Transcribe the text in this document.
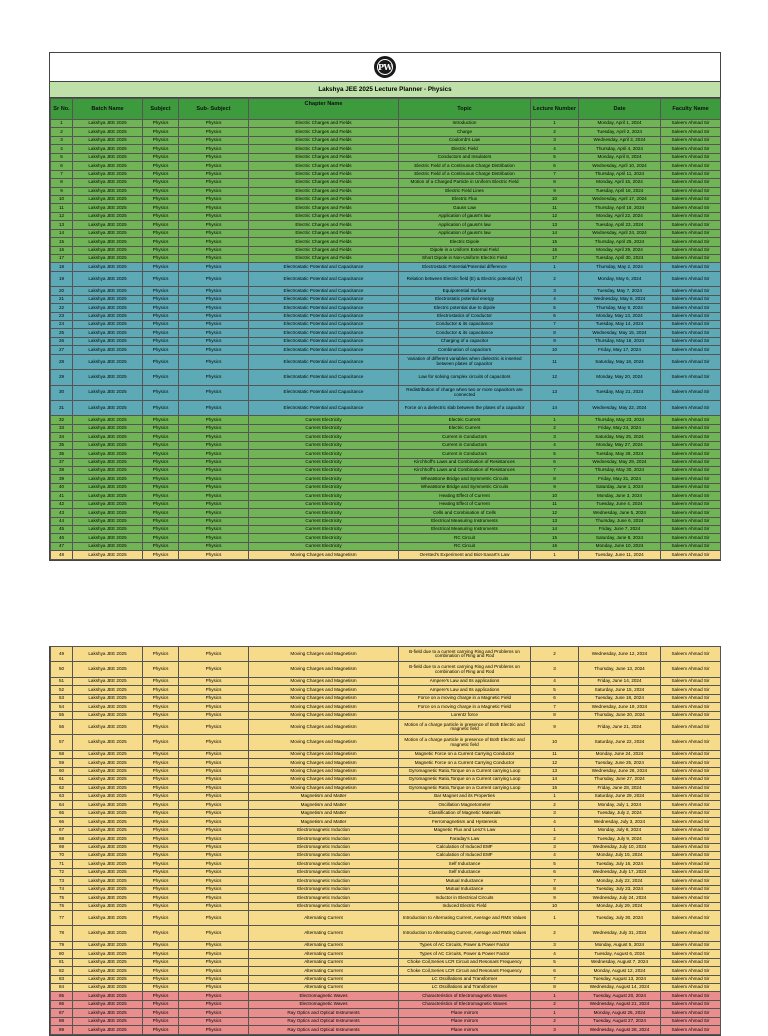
PW
Lakshya JEE 2025 Lecture Planner - Physics
Sr No.	Batch Name	Subject	Sub- Subject	Chapter Name	Topic	Lecture Number	Date	Faculty Name
1	Lakshya JEE 2025	Physics	Physics	Electric Charges and Fields	Introduction	1	Monday, April 1, 2024	Saleem Ahmad Sir
2	Lakshya JEE 2025	Physics	Physics	Electric Charges and Fields	Charge	2	Tuesday, April 2, 2024	Saleem Ahmad Sir
3	Lakshya JEE 2025	Physics	Physics	Electric Charges and Fields	Coulomb's Law	3	Wednesday, April 3, 2024	Saleem Ahmad Sir
4	Lakshya JEE 2025	Physics	Physics	Electric Charges and Fields	Electric Field	4	Thursday, April 4, 2024	Saleem Ahmad Sir
5	Lakshya JEE 2025	Physics	Physics	Electric Charges and Fields	Conductors and Insulators	5	Monday, April 8, 2024	Saleem Ahmad Sir
6	Lakshya JEE 2025	Physics	Physics	Electric Charges and Fields	Electric Field of a Continuous Charge Distribution	6	Wednesday, April 10, 2024	Saleem Ahmad Sir
7	Lakshya JEE 2025	Physics	Physics	Electric Charges and Fields	Electric Field of a Continuous Charge Distribution	7	Thursday, April 11, 2024	Saleem Ahmad Sir
8	Lakshya JEE 2025	Physics	Physics	Electric Charges and Fields	Motion of a Charged Particle in Uniform Electric Field	8	Monday, April 15, 2024	Saleem Ahmad Sir
9	Lakshya JEE 2025	Physics	Physics	Electric Charges and Fields	Electric Field Lines	9	Tuesday, April 16, 2024	Saleem Ahmad Sir
10	Lakshya JEE 2025	Physics	Physics	Electric Charges and Fields	Electric Flux	10	Wednesday, April 17, 2024	Saleem Ahmad Sir
11	Lakshya JEE 2025	Physics	Physics	Electric Charges and Fields	Gauss Law	11	Thursday, April 18, 2024	Saleem Ahmad Sir
12	Lakshya JEE 2025	Physics	Physics	Electric Charges and Fields	Application of gauss's law	12	Monday, April 22, 2024	Saleem Ahmad Sir
13	Lakshya JEE 2025	Physics	Physics	Electric Charges and Fields	Application of gauss's law	13	Tuesday, April 23, 2024	Saleem Ahmad Sir
14	Lakshya JEE 2025	Physics	Physics	Electric Charges and Fields	Application of gauss's law	14	Wednesday, April 24, 2024	Saleem Ahmad Sir
15	Lakshya JEE 2025	Physics	Physics	Electric Charges and Fields	Electric Dipole	15	Thursday, April 25, 2024	Saleem Ahmad Sir
16	Lakshya JEE 2025	Physics	Physics	Electric Charges and Fields	Dipole in a Uniform External Field	16	Monday, April 29, 2024	Saleem Ahmad Sir
17	Lakshya JEE 2025	Physics	Physics	Electric Charges and Fields	Short Dipole in Non-Uniform Electric Field	17	Tuesday, April 30, 2024	Saleem Ahmad Sir
18	Lakshya JEE 2025	Physics	Physics	Electrostatic Potential and Capacitance	Electrostatic Potential/Potential difference	1	Thursday, May 2, 2024	Saleem Ahmad Sir
19	Lakshya JEE 2025	Physics	Physics	Electrostatic Potential and Capacitance	Relation between Electric field (E) & Electric potential (V)	2	Monday, May 6, 2024	Saleem Ahmad Sir
20	Lakshya JEE 2025	Physics	Physics	Electrostatic Potential and Capacitance	Equipotential Surface	3	Tuesday, May 7, 2024	Saleem Ahmad Sir
21	Lakshya JEE 2025	Physics	Physics	Electrostatic Potential and Capacitance	Electrostatic potential energy	4	Wednesday, May 8, 2024	Saleem Ahmad Sir
22	Lakshya JEE 2025	Physics	Physics	Electrostatic Potential and Capacitance	Electric potential due to dipole	5	Thursday, May 9, 2024	Saleem Ahmad Sir
23	Lakshya JEE 2025	Physics	Physics	Electrostatic Potential and Capacitance	Electrostatics of Conductor	6	Monday, May 13, 2024	Saleem Ahmad Sir
24	Lakshya JEE 2025	Physics	Physics	Electrostatic Potential and Capacitance	Conductor & its capacitance	7	Tuesday, May 14, 2024	Saleem Ahmad Sir
25	Lakshya JEE 2025	Physics	Physics	Electrostatic Potential and Capacitance	Conductor & its capacitance	8	Wednesday, May 15, 2024	Saleem Ahmad Sir
26	Lakshya JEE 2025	Physics	Physics	Electrostatic Potential and Capacitance	Charging of a capacitor	9	Thursday, May 16, 2024	Saleem Ahmad Sir
27	Lakshya JEE 2025	Physics	Physics	Electrostatic Potential and Capacitance	Combination of capacitors	10	Friday, May 17, 2024	Saleem Ahmad Sir
28	Lakshya JEE 2025	Physics	Physics	Electrostatic Potential and Capacitance	Variation of different variables when dielectric is inserted between plates of capacitor	11	Saturday, May 18, 2024	Saleem Ahmad Sir
29	Lakshya JEE 2025	Physics	Physics	Electrostatic Potential and Capacitance	Law for solving complex circuits of capacitors	12	Monday, May 20, 2024	Saleem Ahmad Sir
30	Lakshya JEE 2025	Physics	Physics	Electrostatic Potential and Capacitance	Redistribution of charge when two or more capacitors are connected	13	Tuesday, May 21, 2024	Saleem Ahmad Sir
31	Lakshya JEE 2025	Physics	Physics	Electrostatic Potential and Capacitance	Force on a dielectric slab between the plates of a capacitor	14	Wednesday, May 22, 2024	Saleem Ahmad Sir
32	Lakshya JEE 2025	Physics	Physics	Current Electricity	Electric Current	1	Thursday, May 23, 2024	Saleem Ahmad Sir
33	Lakshya JEE 2025	Physics	Physics	Current Electricity	Electric Current	2	Friday, May 24, 2024	Saleem Ahmad Sir
34	Lakshya JEE 2025	Physics	Physics	Current Electricity	Current in Conductors	3	Saturday, May 25, 2024	Saleem Ahmad Sir
35	Lakshya JEE 2025	Physics	Physics	Current Electricity	Current in Conductors	4	Monday, May 27, 2024	Saleem Ahmad Sir
36	Lakshya JEE 2025	Physics	Physics	Current Electricity	Current in Conductors	5	Tuesday, May 28, 2024	Saleem Ahmad Sir
37	Lakshya JEE 2025	Physics	Physics	Current Electricity	Kirchhoff's Laws and Combination of Resistances	6	Wednesday, May 29, 2024	Saleem Ahmad Sir
38	Lakshya JEE 2025	Physics	Physics	Current Electricity	Kirchhoff's Laws and Combination of Resistances	7	Thursday, May 30, 2024	Saleem Ahmad Sir
39	Lakshya JEE 2025	Physics	Physics	Current Electricity	Wheatstone Bridge and Symmetric Circuits	8	Friday, May 31, 2024	Saleem Ahmad Sir
40	Lakshya JEE 2025	Physics	Physics	Current Electricity	Wheatstone Bridge and Symmetric Circuits	9	Saturday, June 1, 2024	Saleem Ahmad Sir
41	Lakshya JEE 2025	Physics	Physics	Current Electricity	Heating Effect of Current	10	Monday, June 3, 2024	Saleem Ahmad Sir
42	Lakshya JEE 2025	Physics	Physics	Current Electricity	Heating Effect of Current	11	Tuesday, June 4, 2024	Saleem Ahmad Sir
43	Lakshya JEE 2025	Physics	Physics	Current Electricity	Cells and Combination of Cells	12	Wednesday, June 5, 2024	Saleem Ahmad Sir
44	Lakshya JEE 2025	Physics	Physics	Current Electricity	Electrical Measuring Instruments	13	Thursday, June 6, 2024	Saleem Ahmad Sir
45	Lakshya JEE 2025	Physics	Physics	Current Electricity	Electrical Measuring Instruments	14	Friday, June 7, 2024	Saleem Ahmad Sir
46	Lakshya JEE 2025	Physics	Physics	Current Electricity	RC Circuit	15	Saturday, June 8, 2024	Saleem Ahmad Sir
47	Lakshya JEE 2025	Physics	Physics	Current Electricity	RC Circuit	16	Monday, June 10, 2024	Saleem Ahmad Sir
48	Lakshya JEE 2025	Physics	Physics	Moving Charges and Magnetism	Oersted's Experiment and Biot-Savart's Law	1	Tuesday, June 11, 2024	Saleem Ahmad Sir
49	Lakshya JEE 2025	Physics	Physics	Moving Charges and Magnetism	B-field due to a current carrying Ring and Problems on combination of Ring and Rod	2	Wednesday, June 12, 2024	Saleem Ahmad Sir
50	Lakshya JEE 2025	Physics	Physics	Moving Charges and Magnetism	B-field due to a current carrying Ring and Problems on combination of Ring and Rod	3	Thursday, June 13, 2024	Saleem Ahmad Sir
51	Lakshya JEE 2025	Physics	Physics	Moving Charges and Magnetism	Ampere's Law and Its applications	4	Friday, June 14, 2024	Saleem Ahmad Sir
52	Lakshya JEE 2025	Physics	Physics	Moving Charges and Magnetism	Ampere's Law and Its applications	5	Saturday, June 15, 2024	Saleem Ahmad Sir
53	Lakshya JEE 2025	Physics	Physics	Moving Charges and Magnetism	Force on a moving charge in a Magnetic Field	6	Tuesday, June 18, 2024	Saleem Ahmad Sir
54	Lakshya JEE 2025	Physics	Physics	Moving Charges and Magnetism	Force on a moving charge in a Magnetic Field	7	Wednesday, June 19, 2024	Saleem Ahmad Sir
55	Lakshya JEE 2025	Physics	Physics	Moving Charges and Magnetism	Lorentz force	8	Thursday, June 20, 2024	Saleem Ahmad Sir
56	Lakshya JEE 2025	Physics	Physics	Moving Charges and Magnetism	Motion of a charge particle in presence of Both Electric and magnetic field	9	Friday, June 21, 2024	Saleem Ahmad Sir
57	Lakshya JEE 2025	Physics	Physics	Moving Charges and Magnetism	Motion of a charge particle in presence of Both Electric and magnetic field	10	Saturday, June 22, 2024	Saleem Ahmad Sir
58	Lakshya JEE 2025	Physics	Physics	Moving Charges and Magnetism	Magnetic Force on a Current Carrying Conductor	11	Monday, June 24, 2024	Saleem Ahmad Sir
59	Lakshya JEE 2025	Physics	Physics	Moving Charges and Magnetism	Magnetic Force on a Current Carrying Conductor	12	Tuesday, June 25, 2024	Saleem Ahmad Sir
60	Lakshya JEE 2025	Physics	Physics	Moving Charges and Magnetism	Gyromagnetic Ratio,Torque on a Current carrying Loop	13	Wednesday, June 26, 2024	Saleem Ahmad Sir
61	Lakshya JEE 2025	Physics	Physics	Moving Charges and Magnetism	Gyromagnetic Ratio,Torque on a Current carrying Loop	14	Thursday, June 27, 2024	Saleem Ahmad Sir
62	Lakshya JEE 2025	Physics	Physics	Moving Charges and Magnetism	Gyromagnetic Ratio,Torque on a Current carrying Loop	15	Friday, June 28, 2024	Saleem Ahmad Sir
63	Lakshya JEE 2025	Physics	Physics	Magnetism and Matter	Bar Magnet and its Properties	1	Saturday, June 29, 2024	Saleem Ahmad Sir
64	Lakshya JEE 2025	Physics	Physics	Magnetism and Matter	Oscillation Magnetometer	2	Monday, July 1, 2024	Saleem Ahmad Sir
65	Lakshya JEE 2025	Physics	Physics	Magnetism and Matter	Classification of Magnetic Materials	3	Tuesday, July 2, 2024	Saleem Ahmad Sir
66	Lakshya JEE 2025	Physics	Physics	Magnetism and Matter	Ferromagnetism and Hysteresis	4	Wednesday, July 3, 2024	Saleem Ahmad Sir
67	Lakshya JEE 2025	Physics	Physics	Electromagnetic Induction	Magnetic Flux and Lenz's Law	1	Monday, July 8, 2024	Saleem Ahmad Sir
68	Lakshya JEE 2025	Physics	Physics	Electromagnetic Induction	Faraday's Law	2	Tuesday, July 9, 2024	Saleem Ahmad Sir
69	Lakshya JEE 2025	Physics	Physics	Electromagnetic Induction	Calculation of Induced EMF	3	Wednesday, July 10, 2024	Saleem Ahmad Sir
70	Lakshya JEE 2025	Physics	Physics	Electromagnetic Induction	Calculation of Induced EMF	4	Monday, July 15, 2024	Saleem Ahmad Sir
71	Lakshya JEE 2025	Physics	Physics	Electromagnetic Induction	Self Inductance	5	Tuesday, July 16, 2024	Saleem Ahmad Sir
72	Lakshya JEE 2025	Physics	Physics	Electromagnetic Induction	Self Inductance	6	Wednesday, July 17, 2024	Saleem Ahmad Sir
73	Lakshya JEE 2025	Physics	Physics	Electromagnetic Induction	Mutual Inductance	7	Monday, July 22, 2024	Saleem Ahmad Sir
74	Lakshya JEE 2025	Physics	Physics	Electromagnetic Induction	Mutual Inductance	8	Tuesday, July 23, 2024	Saleem Ahmad Sir
75	Lakshya JEE 2025	Physics	Physics	Electromagnetic Induction	Inductor in Electrical Circuits	9	Wednesday, July 24, 2024	Saleem Ahmad Sir
76	Lakshya JEE 2025	Physics	Physics	Electromagnetic Induction	Induced Electric Field	10	Monday, July 29, 2024	Saleem Ahmad Sir
77	Lakshya JEE 2025	Physics	Physics	Alternating Current	Introduction to Alternating Current, Average and RMS Values	1	Tuesday, July 30, 2024	Saleem Ahmad Sir
78	Lakshya JEE 2025	Physics	Physics	Alternating Current	Introduction to Alternating Current, Average and RMS Values	2	Wednesday, July 31, 2024	Saleem Ahmad Sir
79	Lakshya JEE 2025	Physics	Physics	Alternating Current	Types of AC Circuits, Power & Power Factor	3	Monday, August 5, 2024	Saleem Ahmad Sir
80	Lakshya JEE 2025	Physics	Physics	Alternating Current	Types of AC Circuits, Power & Power Factor	4	Tuesday, August 6, 2024	Saleem Ahmad Sir
81	Lakshya JEE 2025	Physics	Physics	Alternating Current	Choke Coil,Series LCR Circuit and Resonant Frequency	5	Wednesday, August 7, 2024	Saleem Ahmad Sir
82	Lakshya JEE 2025	Physics	Physics	Alternating Current	Choke Coil,Series LCR Circuit and Resonant Frequency	6	Monday, August 12, 2024	Saleem Ahmad Sir
83	Lakshya JEE 2025	Physics	Physics	Alternating Current	LC Oscillations and Transformer	7	Tuesday, August 13, 2024	Saleem Ahmad Sir
84	Lakshya JEE 2025	Physics	Physics	Alternating Current	LC Oscillations and Transformer	8	Wednesday, August 14, 2024	Saleem Ahmad Sir
85	Lakshya JEE 2025	Physics	Physics	Electromagnetic Waves	Characteristics of Electromagnetic Waves	1	Tuesday, August 20, 2024	Saleem Ahmad Sir
86	Lakshya JEE 2025	Physics	Physics	Electromagnetic Waves	Characteristics of Electromagnetic Waves	2	Wednesday, August 21, 2024	Saleem Ahmad Sir
87	Lakshya JEE 2025	Physics	Physics	Ray Optics and Optical Instruments	Plane mirrors	1	Monday, August 26, 2024	Saleem Ahmad Sir
88	Lakshya JEE 2025	Physics	Physics	Ray Optics and Optical Instruments	Plane mirrors	2	Tuesday, August 27, 2024	Saleem Ahmad Sir
89	Lakshya JEE 2025	Physics	Physics	Ray Optics and Optical Instruments	Plane mirrors	3	Wednesday, August 28, 2024	Saleem Ahmad Sir
